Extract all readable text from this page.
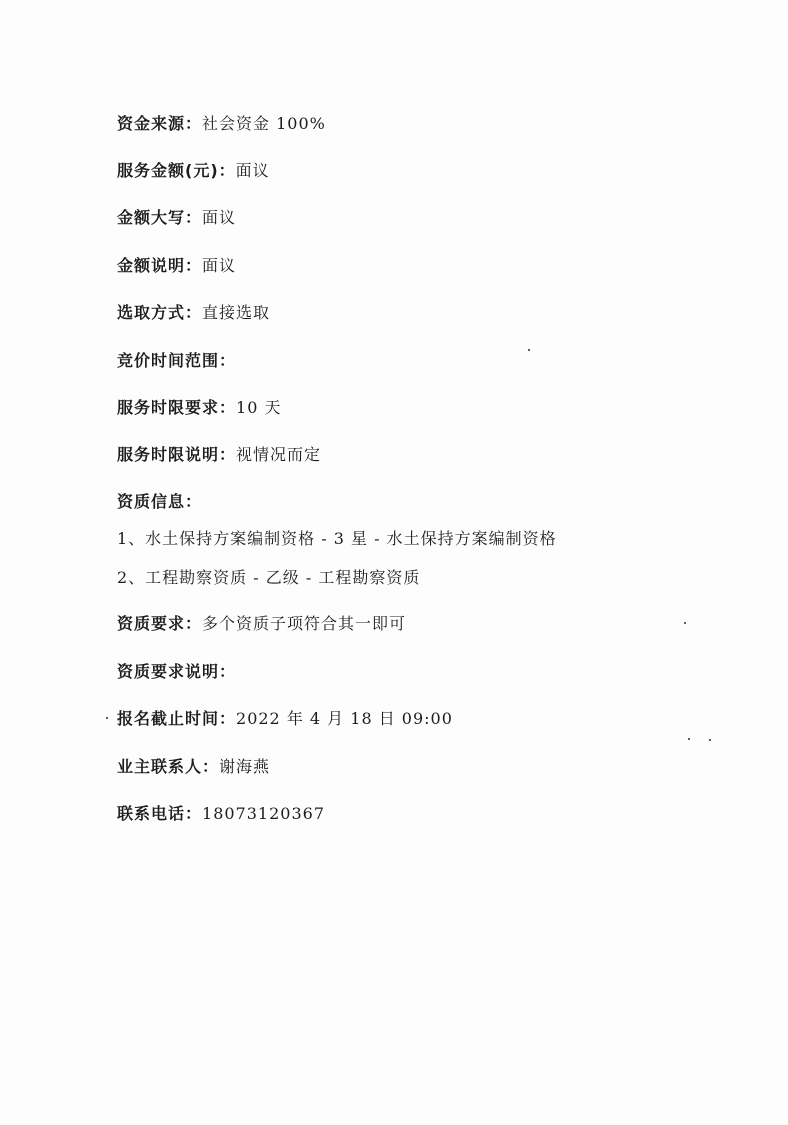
资金来源：社会资金 100%
服务金额(元)：面议
金额大写：面议
金额说明：面议
选取方式：直接选取
竞价时间范围：
服务时限要求：10 天
服务时限说明：视情况而定
资质信息：
1、水土保持方案编制资格 - 3 星 - 水土保持方案编制资格
2、工程勘察资质 - 乙级 - 工程勘察资质
资质要求：多个资质子项符合其一即可
资质要求说明：
报名截止时间：2022 年 4 月 18 日 09:00
业主联系人：谢海燕
联系电话：18073120367
